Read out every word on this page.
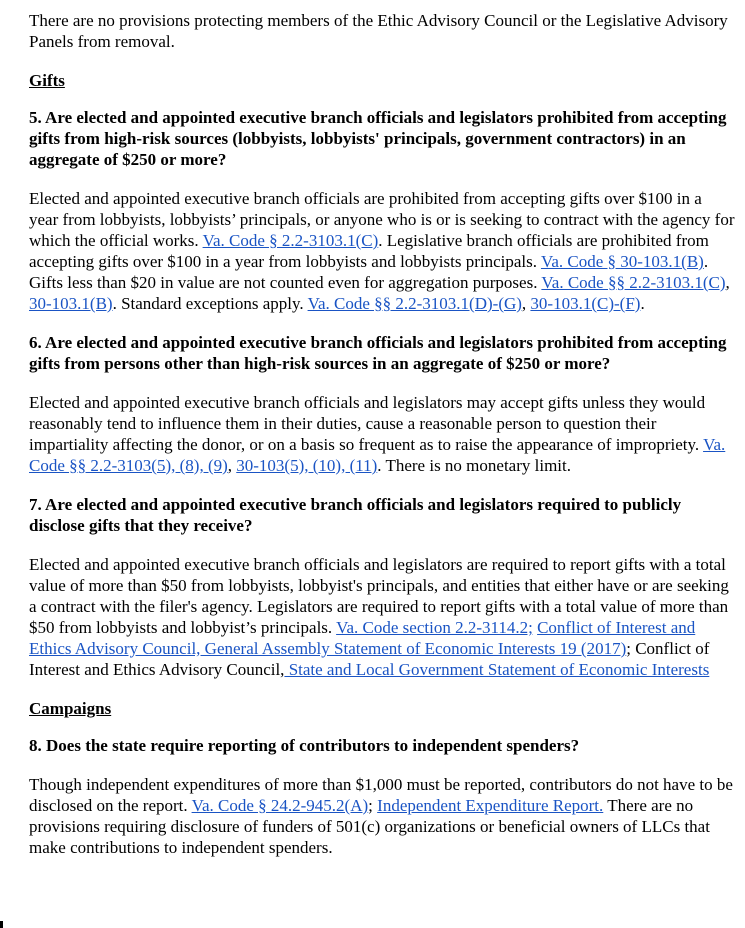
There are no provisions protecting members of the Ethic Advisory Council or the Legislative Advisory Panels from removal.

Gifts

5. Are elected and appointed executive branch officials and legislators prohibited from accepting gifts from high-risk sources (lobbyists, lobbyists' principals, government contractors) in an aggregate of $250 or more?

Elected and appointed executive branch officials are prohibited from accepting gifts over $100 in a year from lobbyists, lobbyists’ principals, or anyone who is or is seeking to contract with the agency for which the official works. Va. Code § 2.2-3103.1(C). Legislative branch officials are prohibited from accepting gifts over $100 in a year from lobbyists and lobbyists principals. Va. Code § 30-103.1(B). Gifts less than $20 in value are not counted even for aggregation purposes. Va. Code §§ 2.2-3103.1(C), 30-103.1(B). Standard exceptions apply. Va. Code §§ 2.2-3103.1(D)-(G), 30-103.1(C)-(F).

6. Are elected and appointed executive branch officials and legislators prohibited from accepting gifts from persons other than high-risk sources in an aggregate of $250 or more?

Elected and appointed executive branch officials and legislators may accept gifts unless they would reasonably tend to influence them in their duties, cause a reasonable person to question their impartiality affecting the donor, or on a basis so frequent as to raise the appearance of impropriety. Va. Code §§ 2.2-3103(5), (8), (9), 30-103(5), (10), (11). There is no monetary limit.

7. Are elected and appointed executive branch officials and legislators required to publicly disclose gifts that they receive?

Elected and appointed executive branch officials and legislators are required to report gifts with a total value of more than $50 from lobbyists, lobbyist's principals, and entities that either have or are seeking a contract with the filer's agency. Legislators are required to report gifts with a total value of more than $50 from lobbyists and lobbyist’s principals. Va. Code section 2.2-3114.2; Conflict of Interest and Ethics Advisory Council, General Assembly Statement of Economic Interests 19 (2017); Conflict of Interest and Ethics Advisory Council, State and Local Government Statement of Economic Interests

Campaigns

8. Does the state require reporting of contributors to independent spenders?

Though independent expenditures of more than $1,000 must be reported, contributors do not have to be disclosed on the report. Va. Code § 24.2-945.2(A); Independent Expenditure Report. There are no provisions requiring disclosure of funders of 501(c) organizations or beneficial owners of LLCs that make contributions to independent spenders.
